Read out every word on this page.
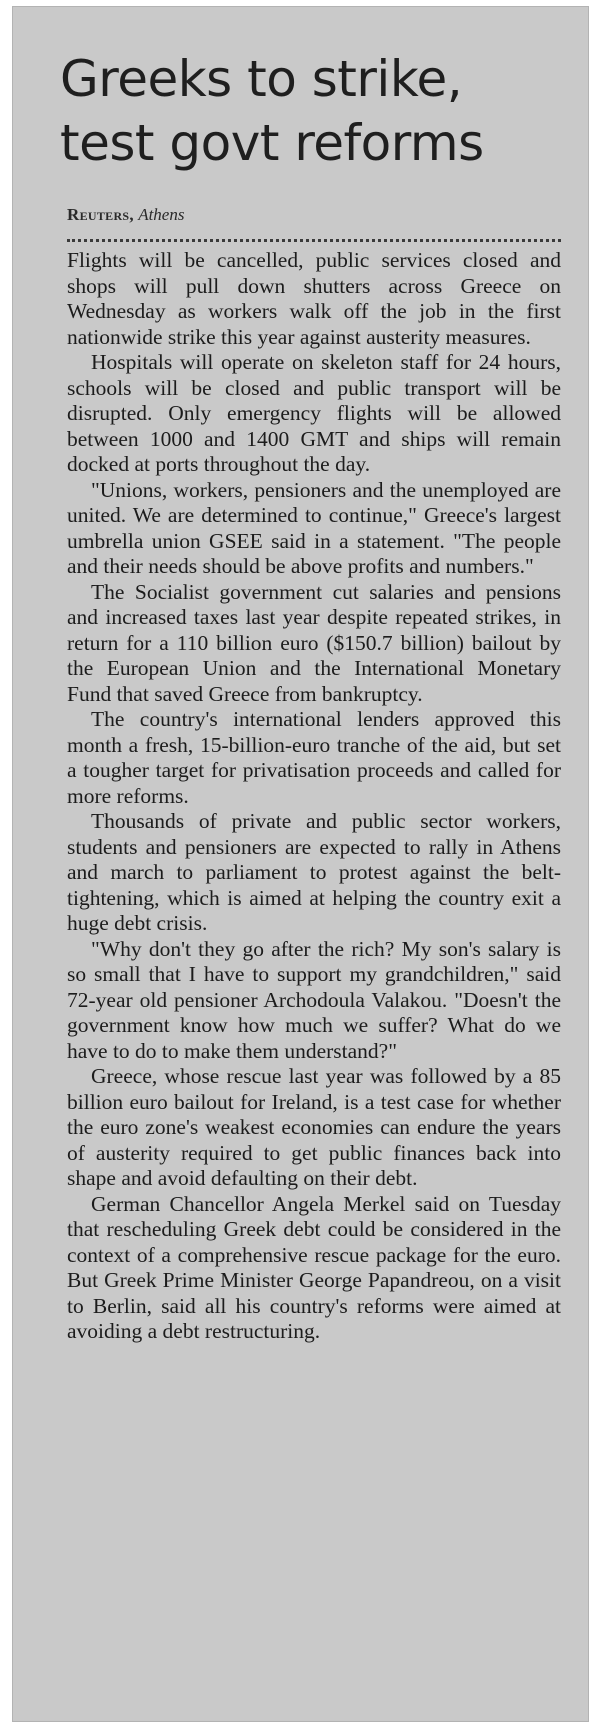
Greeks to strike,
test govt reforms
Reuters, Athens

Flights will be cancelled, public services closed and shops will pull down shutters across Greece on Wednesday as workers walk off the job in the first nationwide strike this year against austerity measures.

Hospitals will operate on skeleton staff for 24 hours, schools will be closed and public transport will be disrupted. Only emergency flights will be allowed between 1000 and 1400 GMT and ships will remain docked at ports throughout the day.

"Unions, workers, pensioners and the unemployed are united. We are determined to continue," Greece's largest umbrella union GSEE said in a statement. "The people and their needs should be above profits and numbers."

The Socialist government cut salaries and pensions and increased taxes last year despite repeated strikes, in return for a 110 billion euro ($150.7 billion) bailout by the European Union and the International Monetary Fund that saved Greece from bankruptcy.

The country's international lenders approved this month a fresh, 15-billion-euro tranche of the aid, but set a tougher target for privatisation proceeds and called for more reforms.

Thousands of private and public sector workers, students and pensioners are expected to rally in Athens and march to parliament to protest against the belt-tightening, which is aimed at helping the country exit a huge debt crisis.

"Why don't they go after the rich? My son's salary is so small that I have to support my grandchildren," said 72-year old pensioner Archodoula Valakou. "Doesn't the government know how much we suffer? What do we have to do to make them understand?"

Greece, whose rescue last year was followed by a 85 billion euro bailout for Ireland, is a test case for whether the euro zone's weakest economies can endure the years of austerity required to get public finances back into shape and avoid defaulting on their debt.

German Chancellor Angela Merkel said on Tuesday that rescheduling Greek debt could be considered in the context of a comprehensive rescue package for the euro. But Greek Prime Minister George Papandreou, on a visit to Berlin, said all his country's reforms were aimed at avoiding a debt restructuring.
